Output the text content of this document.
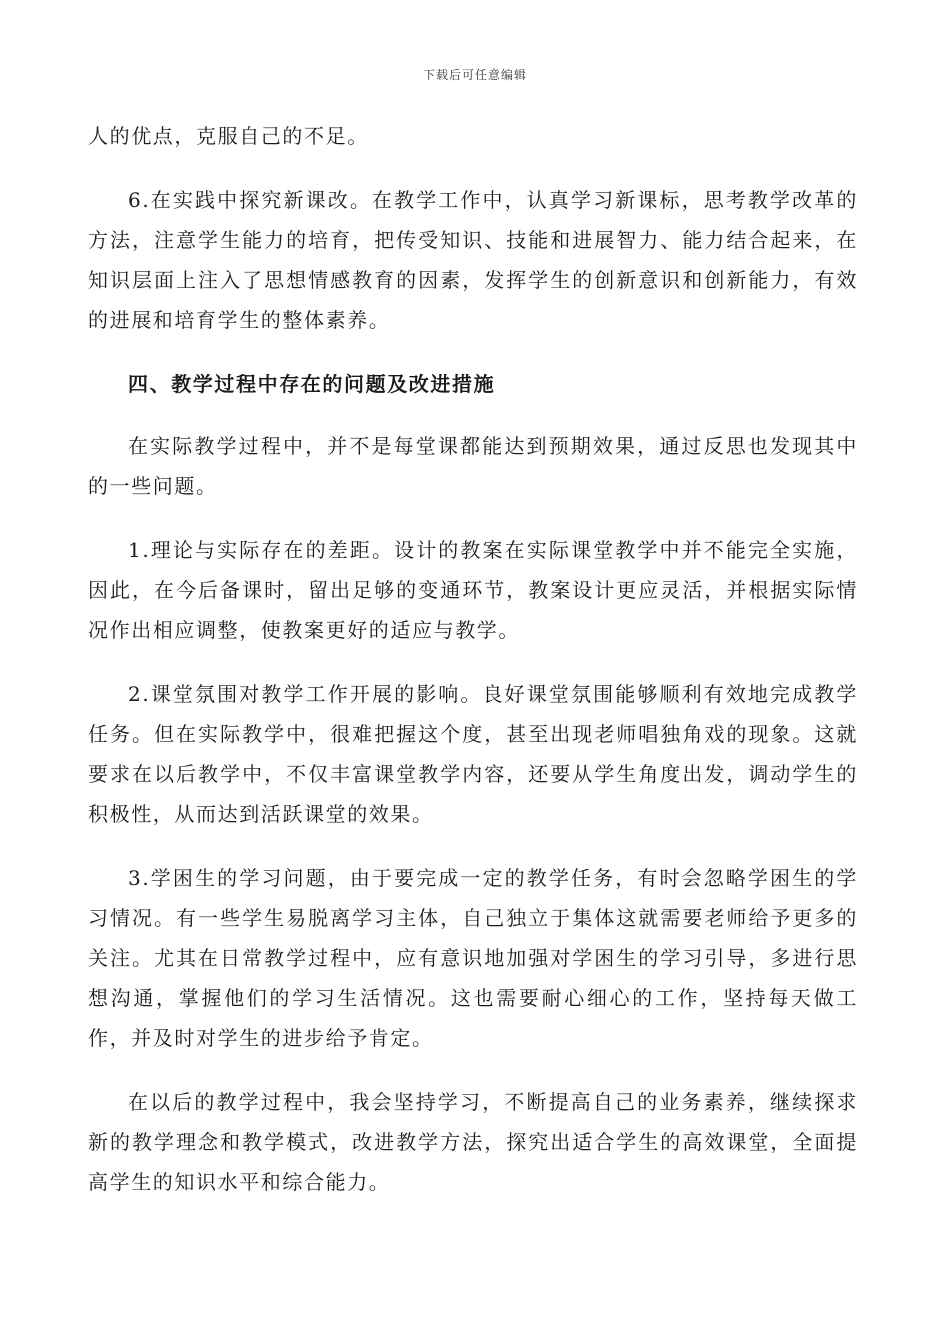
下载后可任意编辑

人的优点，克服自己的不足。

6.在实践中探究新课改。在教学工作中，认真学习新课标，思考教学改革的方法，注意学生能力的培育，把传受知识、技能和进展智力、能力结合起来，在知识层面上注入了思想情感教育的因素，发挥学生的创新意识和创新能力，有效的进展和培育学生的整体素养。

四、教学过程中存在的问题及改进措施

在实际教学过程中，并不是每堂课都能达到预期效果，通过反思也发现其中的一些问题。

1.理论与实际存在的差距。设计的教案在实际课堂教学中并不能完全实施，因此，在今后备课时，留出足够的变通环节，教案设计更应灵活，并根据实际情况作出相应调整，使教案更好的适应与教学。

2.课堂氛围对教学工作开展的影响。良好课堂氛围能够顺利有效地完成教学任务。但在实际教学中，很难把握这个度，甚至出现老师唱独角戏的现象。这就要求在以后教学中，不仅丰富课堂教学内容，还要从学生角度出发，调动学生的积极性，从而达到活跃课堂的效果。

3.学困生的学习问题，由于要完成一定的教学任务，有时会忽略学困生的学习情况。有一些学生易脱离学习主体，自己独立于集体这就需要老师给予更多的关注。尤其在日常教学过程中，应有意识地加强对学困生的学习引导，多进行思想沟通，掌握他们的学习生活情况。这也需要耐心细心的工作，坚持每天做工作，并及时对学生的进步给予肯定。

在以后的教学过程中，我会坚持学习，不断提高自己的业务素养，继续探求新的教学理念和教学模式，改进教学方法，探究出适合学生的高效课堂，全面提高学生的知识水平和综合能力。
